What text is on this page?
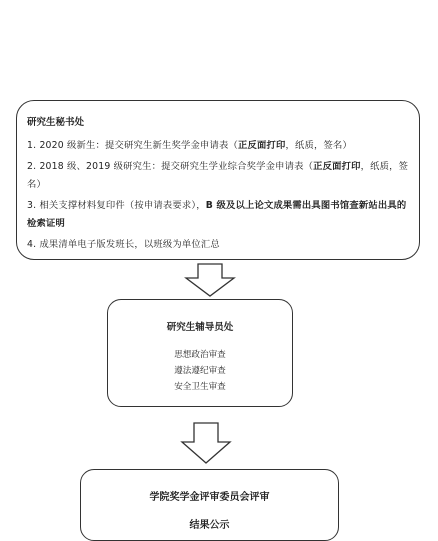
研究生秘书处
1. 2020 级新生：提交研究生新生奖学金申请表（正反面打印，纸质，签名）
2. 2018 级、2019 级研究生：提交研究生学业综合奖学金申请表（正反面打印，纸质，签名）
3. 相关支撑材料复印件（按申请表要求），B 级及以上论文成果需出具图书馆查新站出具的检索证明
4. 成果清单电子版发班长，以班级为单位汇总
研究生辅导员处
思想政治审查
遵法遵纪审查
安全卫生审查
学院奖学金评审委员会评审
结果公示
